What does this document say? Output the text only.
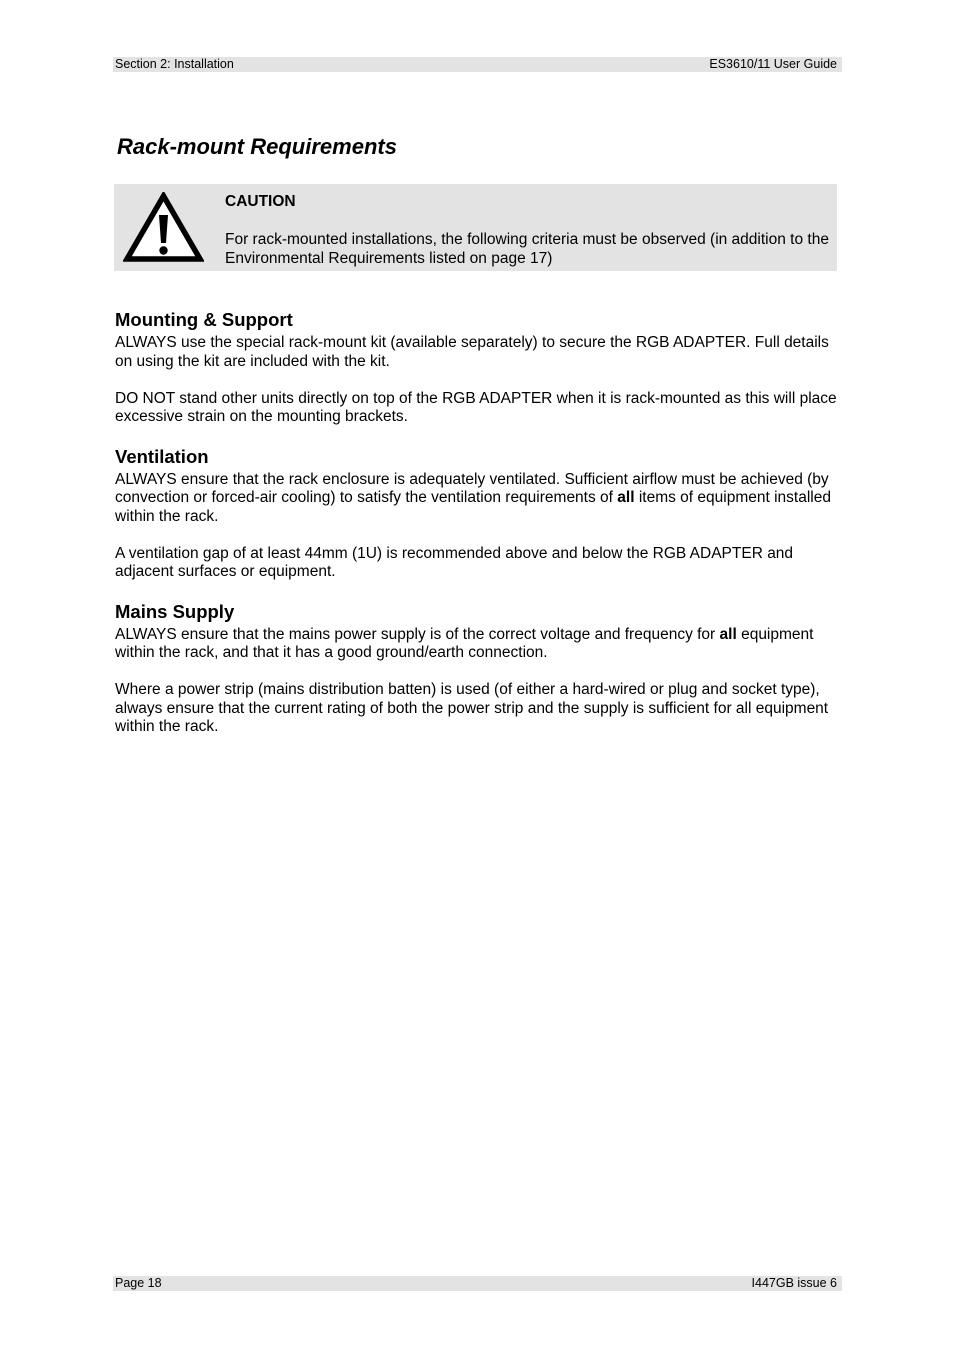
Section 2: Installation	ES3610/11 User Guide
Rack-mount Requirements
CAUTION

For rack-mounted installations, the following criteria must be observed (in addition to the Environmental Requirements listed on page 17)

Mounting & Support

ALWAYS use the special rack-mount kit (available separately) to secure the RGB ADAPTER. Full details on using the kit are included with the kit.

DO NOT stand other units directly on top of the RGB ADAPTER when it is rack-mounted as this will place excessive strain on the mounting brackets.

Ventilation

ALWAYS ensure that the rack enclosure is adequately ventilated. Sufficient airflow must be achieved (by convection or forced-air cooling) to satisfy the ventilation requirements of all items of equipment installed within the rack.

A ventilation gap of at least 44mm (1U) is recommended above and below the RGB ADAPTER and adjacent surfaces or equipment.

Mains Supply

ALWAYS ensure that the mains power supply is of the correct voltage and frequency for all equipment within the rack, and that it has a good ground/earth connection.

Where a power strip (mains distribution batten) is used (of either a hard-wired or plug and socket type), always ensure that the current rating of both the power strip and the supply is sufficient for all equipment within the rack.

Page 18	I447GB issue 6
